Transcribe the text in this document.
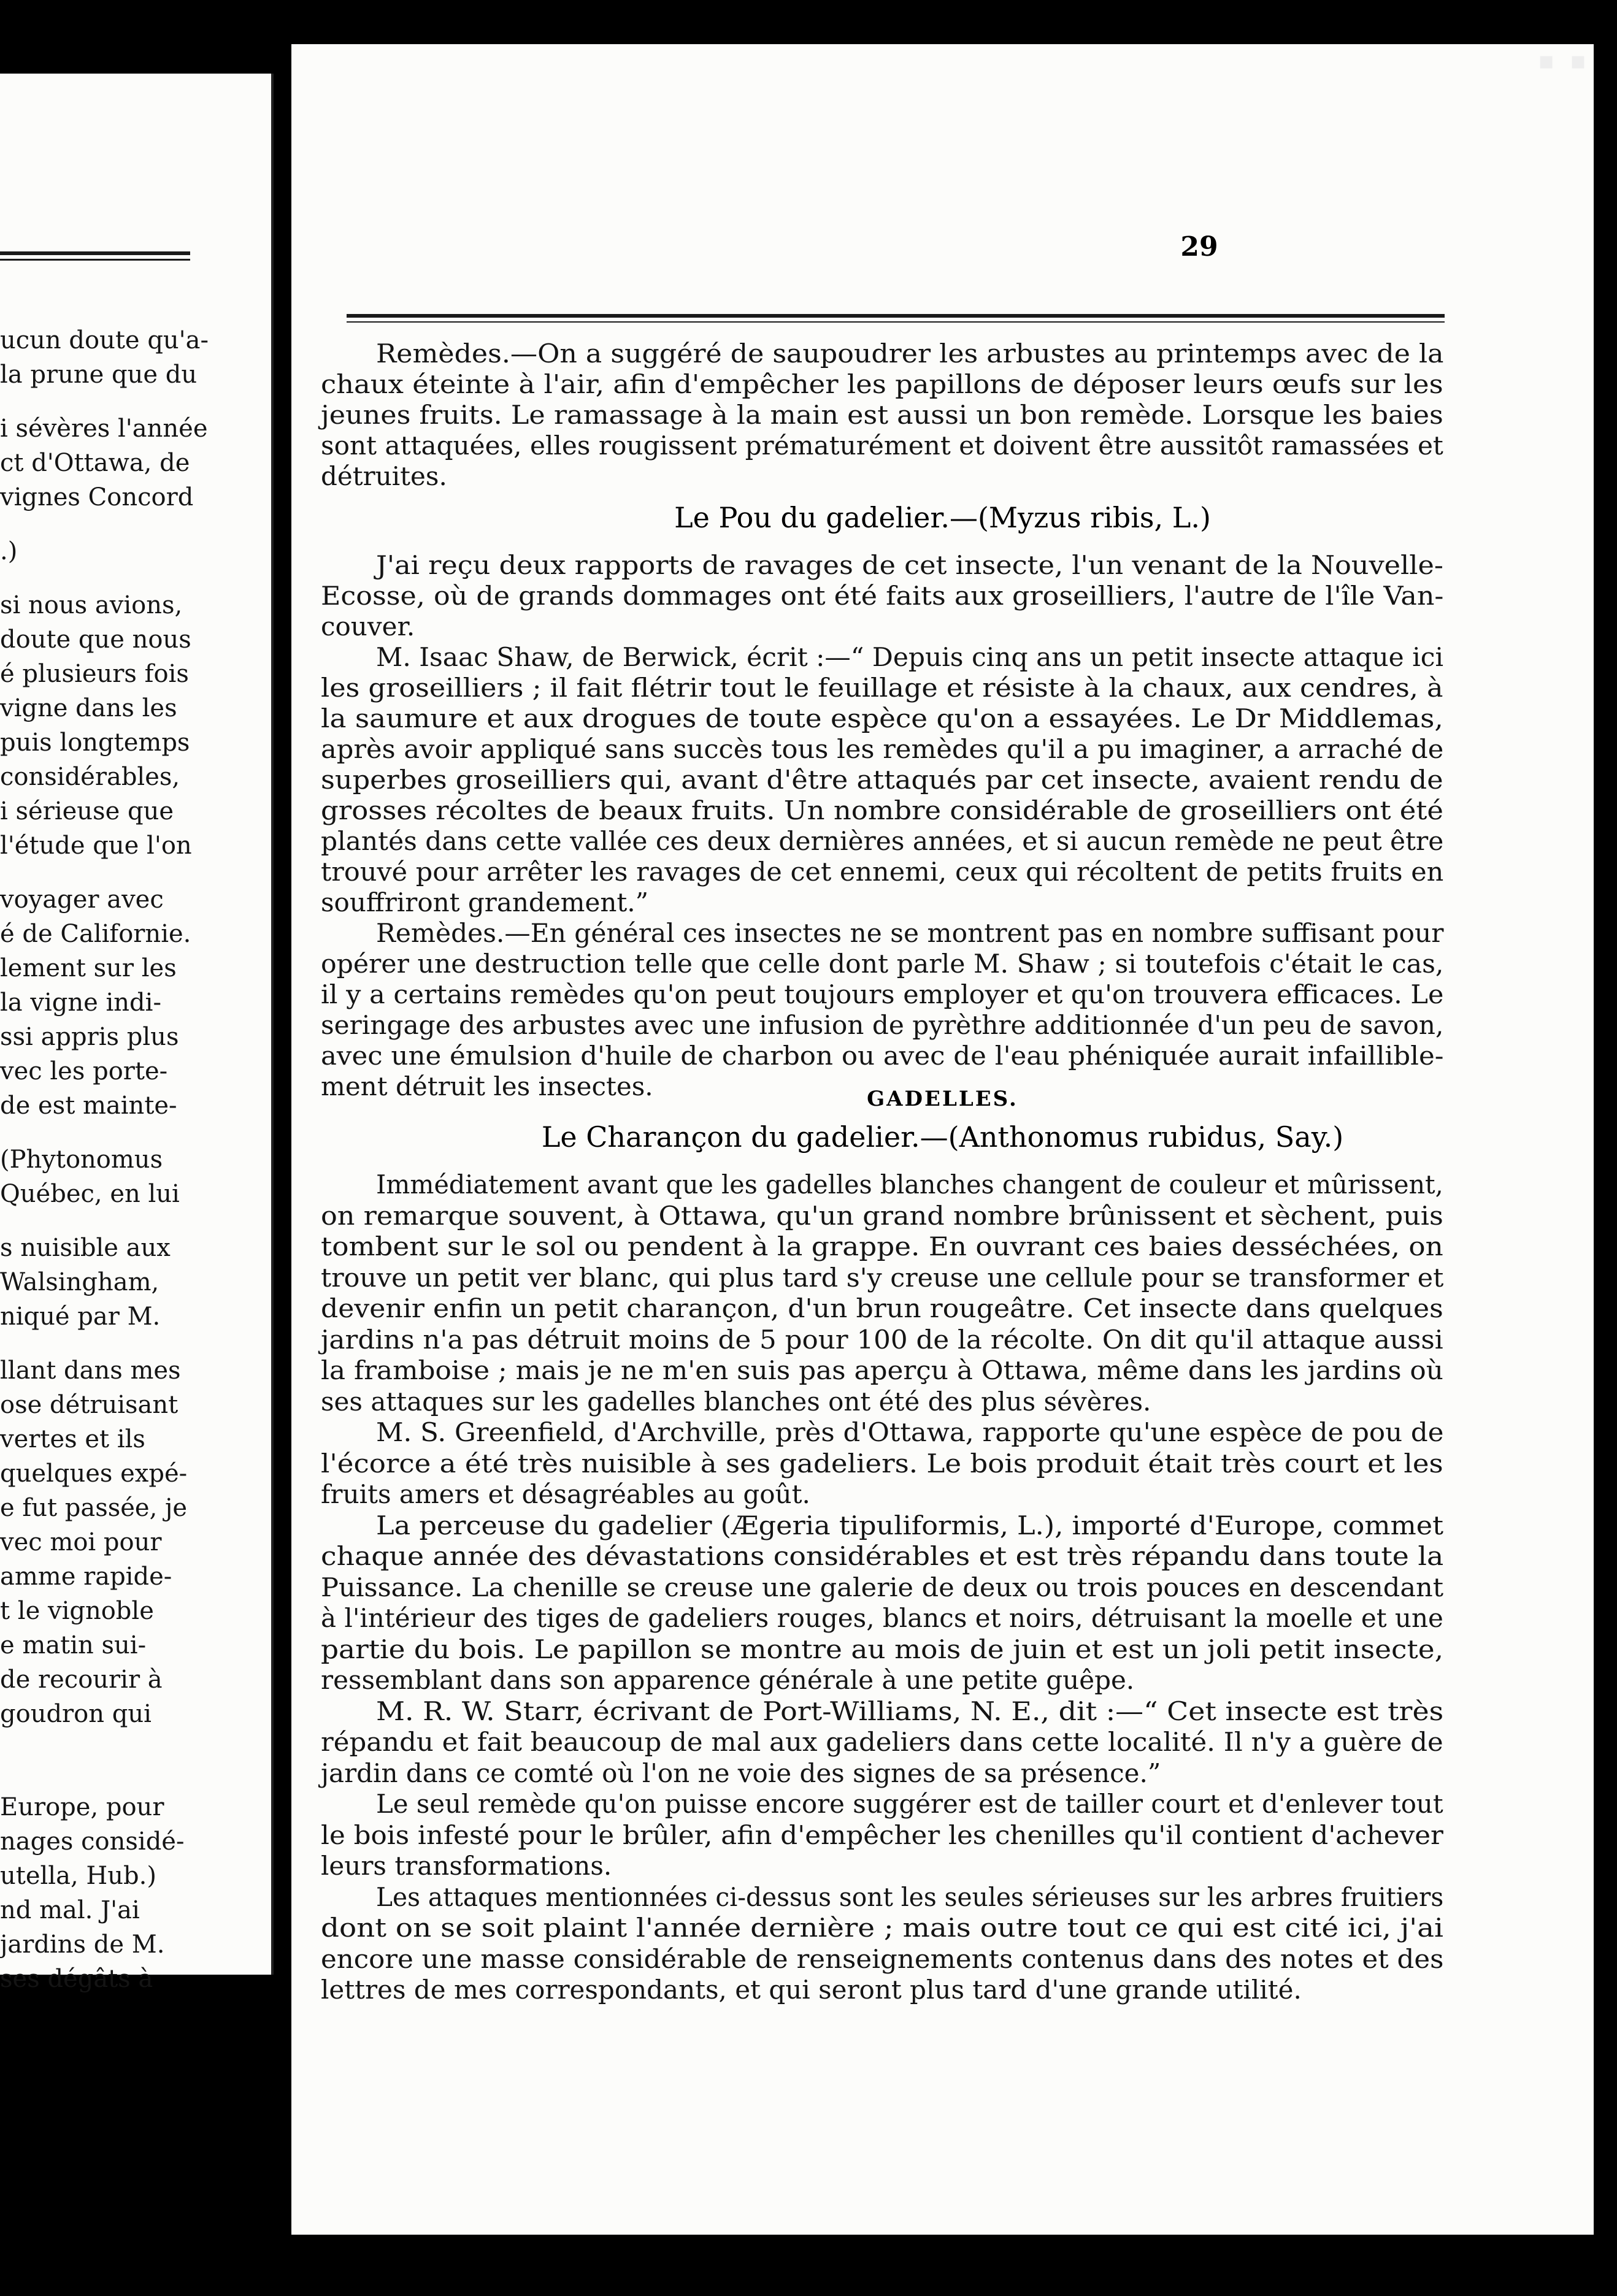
ucun doute qu'a-
la prune que du
i sévères l'année
ct d'Ottawa, de
vignes Concord
.)
si nous avions,
doute que nous
é plusieurs fois
vigne dans les
puis longtemps
considérables,
i sérieuse que
l'étude que l'on
voyager avec
é de Californie.
lement sur les
la vigne indi-
ssi appris plus
vec les porte-
de est mainte-
(Phytonomus
Québec, en lui
s nuisible aux
Walsingham,
niqué par M.
llant dans mes
ose détruisant
vertes et ils
quelques expé-
e fut passée, je
vec moi pour
amme rapide-
t le vignoble
e matin sui-
de recourir à
goudron qui
Europe, pour
nages considé-
utella, Hub.)
nd mal. J'ai
jardins de M.
ses dégâts à
▪ ▪
29
Remèdes.—On a suggéré de saupoudrer les arbustes au printemps avec de la
chaux éteinte à l'air, afin d'empêcher les papillons de déposer leurs œufs sur les
jeunes fruits. Le ramassage à la main est aussi un bon remède. Lorsque les baies
sont attaquées, elles rougissent prématurément et doivent être aussitôt ramassées et
détruites.
Le Pou du gadelier.—(Myzus ribis, L.)
J'ai reçu deux rapports de ravages de cet insecte, l'un venant de la Nouvelle-
Ecosse, où de grands dommages ont été faits aux groseilliers, l'autre de l'île Van-
couver.
M. Isaac Shaw, de Berwick, écrit :—“ Depuis cinq ans un petit insecte attaque ici
les groseilliers ; il fait flétrir tout le feuillage et résiste à la chaux, aux cendres, à
la saumure et aux drogues de toute espèce qu'on a essayées. Le Dr Middlemas,
après avoir appliqué sans succès tous les remèdes qu'il a pu imaginer, a arraché de
superbes groseilliers qui, avant d'être attaqués par cet insecte, avaient rendu de
grosses récoltes de beaux fruits. Un nombre considérable de groseilliers ont été
plantés dans cette vallée ces deux dernières années, et si aucun remède ne peut être
trouvé pour arrêter les ravages de cet ennemi, ceux qui récoltent de petits fruits en
souffriront grandement.”
Remèdes.—En général ces insectes ne se montrent pas en nombre suffisant pour
opérer une destruction telle que celle dont parle M. Shaw ; si toutefois c'était le cas,
il y a certains remèdes qu'on peut toujours employer et qu'on trouvera efficaces. Le
seringage des arbustes avec une infusion de pyrèthre additionnée d'un peu de savon,
avec une émulsion d'huile de charbon ou avec de l'eau phéniquée aurait infaillible-
ment détruit les insectes.	GADELLES.
Le Charançon du gadelier.—(Anthonomus rubidus, Say.)
Immédiatement avant que les gadelles blanches changent de couleur et mûrissent,
on remarque souvent, à Ottawa, qu'un grand nombre brûnissent et sèchent, puis
tombent sur le sol ou pendent à la grappe. En ouvrant ces baies desséchées, on
trouve un petit ver blanc, qui plus tard s'y creuse une cellule pour se transformer et
devenir enfin un petit charançon, d'un brun rougeâtre. Cet insecte dans quelques
jardins n'a pas détruit moins de 5 pour 100 de la récolte. On dit qu'il attaque aussi
la framboise ; mais je ne m'en suis pas aperçu à Ottawa, même dans les jardins où
ses attaques sur les gadelles blanches ont été des plus sévères.
M. S. Greenfield, d'Archville, près d'Ottawa, rapporte qu'une espèce de pou de
l'écorce a été très nuisible à ses gadeliers. Le bois produit était très court et les
fruits amers et désagréables au goût.
La perceuse du gadelier (Ægeria tipuliformis, L.), importé d'Europe, commet
chaque année des dévastations considérables et est très répandu dans toute la
Puissance. La chenille se creuse une galerie de deux ou trois pouces en descendant
à l'intérieur des tiges de gadeliers rouges, blancs et noirs, détruisant la moelle et une
partie du bois. Le papillon se montre au mois de juin et est un joli petit insecte,
ressemblant dans son apparence générale à une petite guêpe.
M. R. W. Starr, écrivant de Port-Williams, N. E., dit :—“ Cet insecte est très
répandu et fait beaucoup de mal aux gadeliers dans cette localité. Il n'y a guère de
jardin dans ce comté où l'on ne voie des signes de sa présence.”
Le seul remède qu'on puisse encore suggérer est de tailler court et d'enlever tout
le bois infesté pour le brûler, afin d'empêcher les chenilles qu'il contient d'achever
leurs transformations.
Les attaques mentionnées ci-dessus sont les seules sérieuses sur les arbres fruitiers
dont on se soit plaint l'année dernière ; mais outre tout ce qui est cité ici, j'ai
encore une masse considérable de renseignements contenus dans des notes et des
lettres de mes correspondants, et qui seront plus tard d'une grande utilité.
